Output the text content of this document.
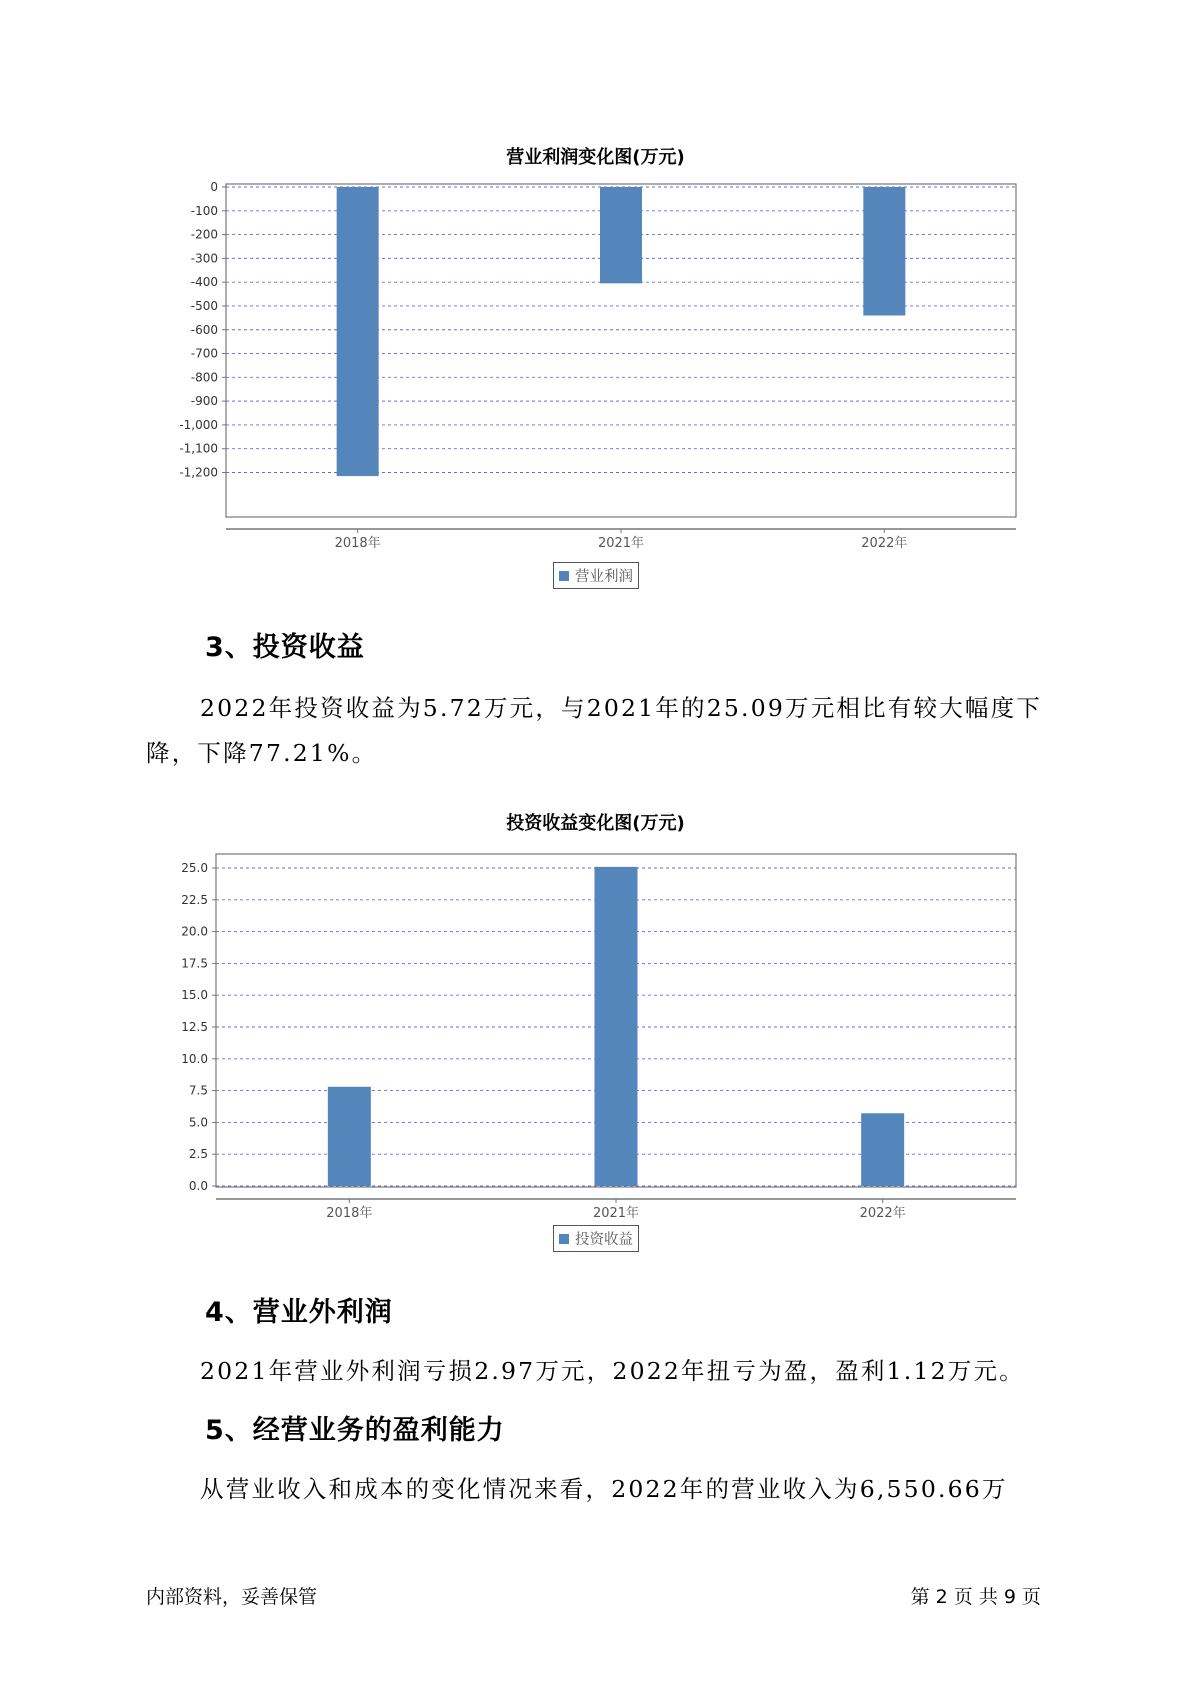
营业利润变化图(万元)
0
-100
-200
-300
-400
-500
-600
-700
-800
-900
-1,000
-1,100
-1,200
2018年	2021年	2022年
营业利润
3、投资收益
2022年投资收益为5.72万元，与2021年的25.09万元相比有较大幅度下降，下降77.21%。
投资收益变化图(万元)
0.0
2.5
5.0
7.5
10.0
12.5
15.0
17.5
20.0
22.5
25.0
2018年	2021年	2022年
投资收益
4、营业外利润
2021年营业外利润亏损2.97万元，2022年扭亏为盈，盈利1.12万元。
5、经营业务的盈利能力
从营业收入和成本的变化情况来看，2022年的营业收入为6,550.66万
内部资料，妥善保管	第 2 页 共 9 页
